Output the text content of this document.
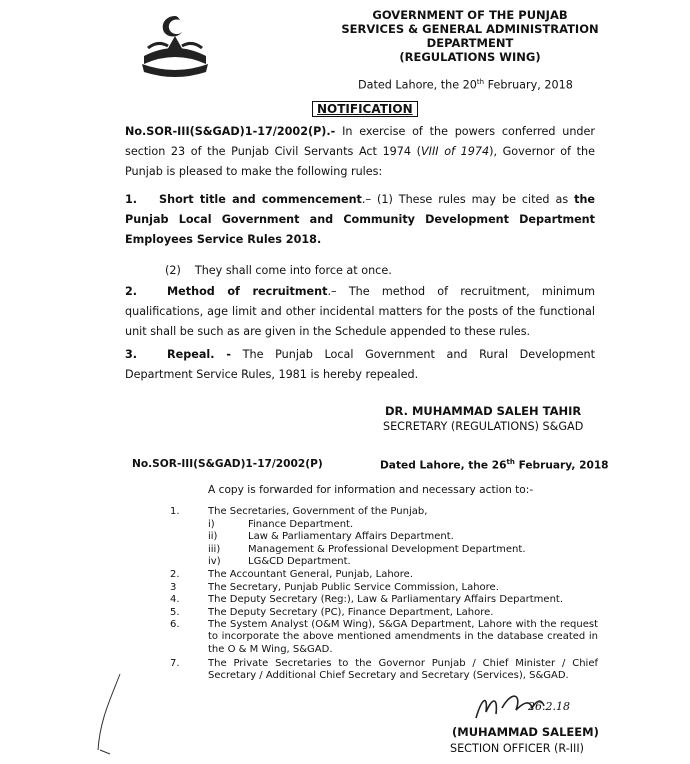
GOVERNMENT OF THE PUNJAB
SERVICES & GENERAL ADMINISTRATION
DEPARTMENT
(REGULATIONS WING)
Dated Lahore, the 20th February, 2018
NOTIFICATION
No.SOR-III(S&GAD)1-17/2002(P).- In exercise of the powers conferred under section 23 of the Punjab Civil Servants Act 1974 (VIII of 1974), Governor of the Punjab is pleased to make the following rules:
1. Short title and commencement.– (1) These rules may be cited as the Punjab Local Government and Community Development Department Employees Service Rules 2018.
(2) They shall come into force at once.
2.	Method of recruitment.– The method of recruitment, minimum qualifications, age limit and other incidental matters for the posts of the functional unit shall be such as are given in the Schedule appended to these rules.
3.	Repeal. - The Punjab Local Government and Rural Development Department Service Rules, 1981 is hereby repealed.
DR. MUHAMMAD SALEH TAHIR
SECRETARY (REGULATIONS) S&GAD
No.SOR-III(S&GAD)1-17/2002(P)	Dated Lahore, the 26th February, 2018
A copy is forwarded for information and necessary action to:-
1.	The Secretaries, Government of the Punjab,
i)	Finance Department.
ii)	Law & Parliamentary Affairs Department.
iii)	Management & Professional Development Department.
iv)	LG&CD Department.
2.	The Accountant General, Punjab, Lahore.
3	The Secretary, Punjab Public Service Commission, Lahore.
4.	The Deputy Secretary (Reg:), Law & Parliamentary Affairs Department.
5.	The Deputy Secretary (PC), Finance Department, Lahore.
6.	The System Analyst (O&M Wing), S&GA Department, Lahore with the request to incorporate the above mentioned amendments in the database created in the O & M Wing, S&GAD.
7.	The Private Secretaries to the Governor Punjab / Chief Minister / Chief Secretary / Additional Chief Secretary and Secretary (Services), S&GAD.
26.2.18
(MUHAMMAD SALEEM)
SECTION OFFICER (R-III)
